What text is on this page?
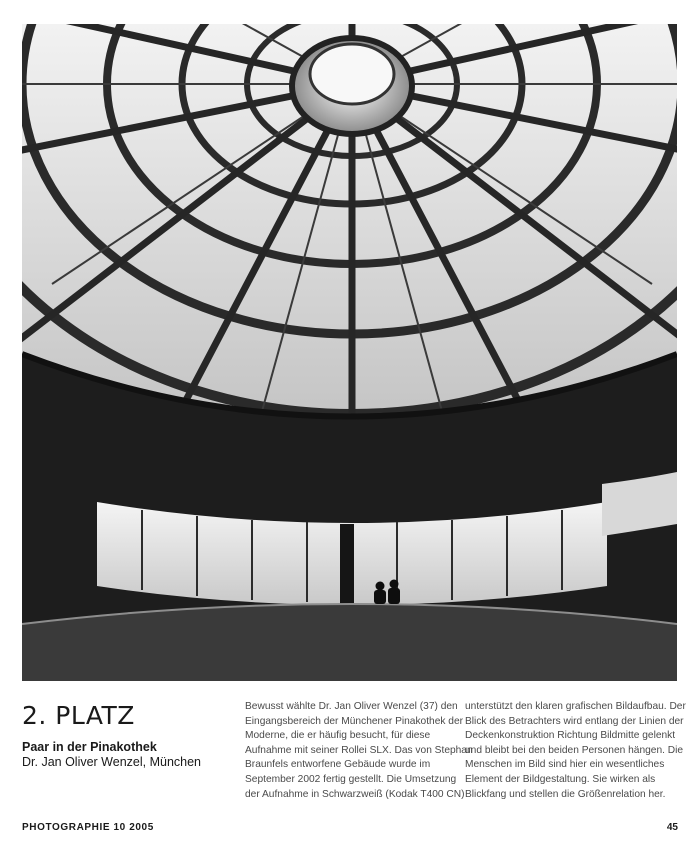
2. PLATZ
Paar in der Pinakothek
Dr. Jan Oliver Wenzel, München
Bewusst wählte Dr. Jan Oliver Wenzel (37) den
Eingangsbereich der Münchener Pinakothek der
Moderne, die er häufig besucht, für diese
Aufnahme mit seiner Rollei SLX. Das von Stephan
Braunfels entworfene Gebäude wurde im
September 2002 fertig gestellt. Die Umsetzung
der Aufnahme in Schwarzweiß (Kodak T400 CN)
unterstützt den klaren grafischen Bildaufbau. Der
Blick des Betrachters wird entlang der Linien der
Deckenkonstruktion Richtung Bildmitte gelenkt
und bleibt bei den beiden Personen hängen. Die
Menschen im Bild sind hier ein wesentliches
Element der Bildgestaltung. Sie wirken als
Blickfang und stellen die Größenrelation her.
PHOTOGRAPHIE 10 2005	45
